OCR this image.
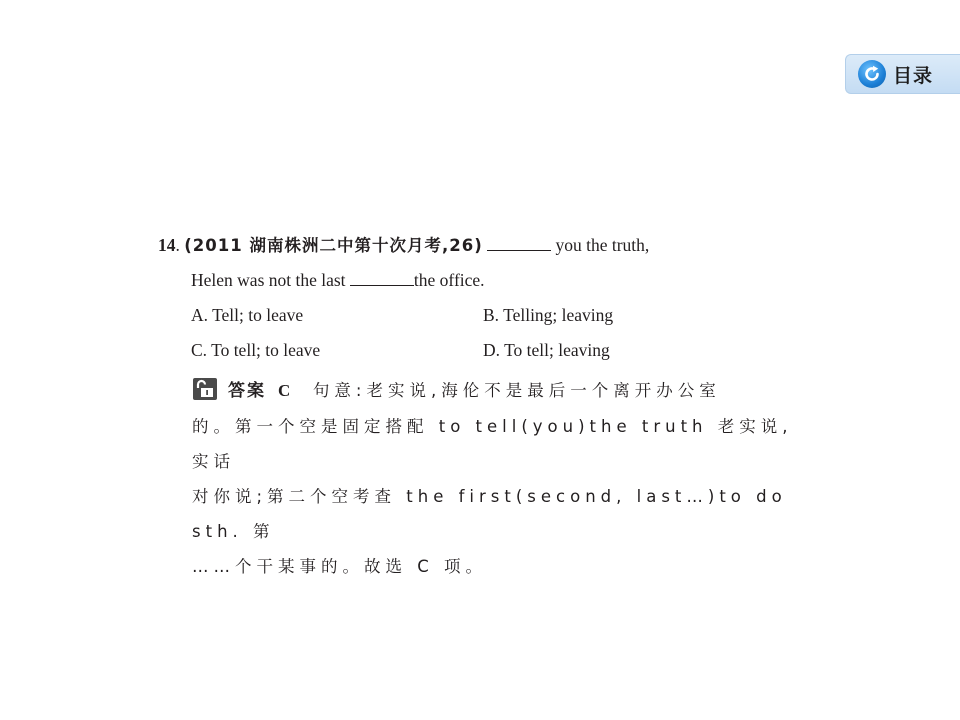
目录
14. (2011 湖南株洲二中第十次月考,26)	you the truth,
Helen was not the last	the office.
A. Tell; to leave	B. Telling; leaving
C. To tell; to leave	D. To tell; leaving
答案 C 句意:老实说,海伦不是最后一个离开办公室
的。第一个空是固定搭配 to tell(you)the truth 老实说,实话
对你说;第二个空考查 the first(second, last…)to do sth. 第
……个干某事的。故选 C 项。
